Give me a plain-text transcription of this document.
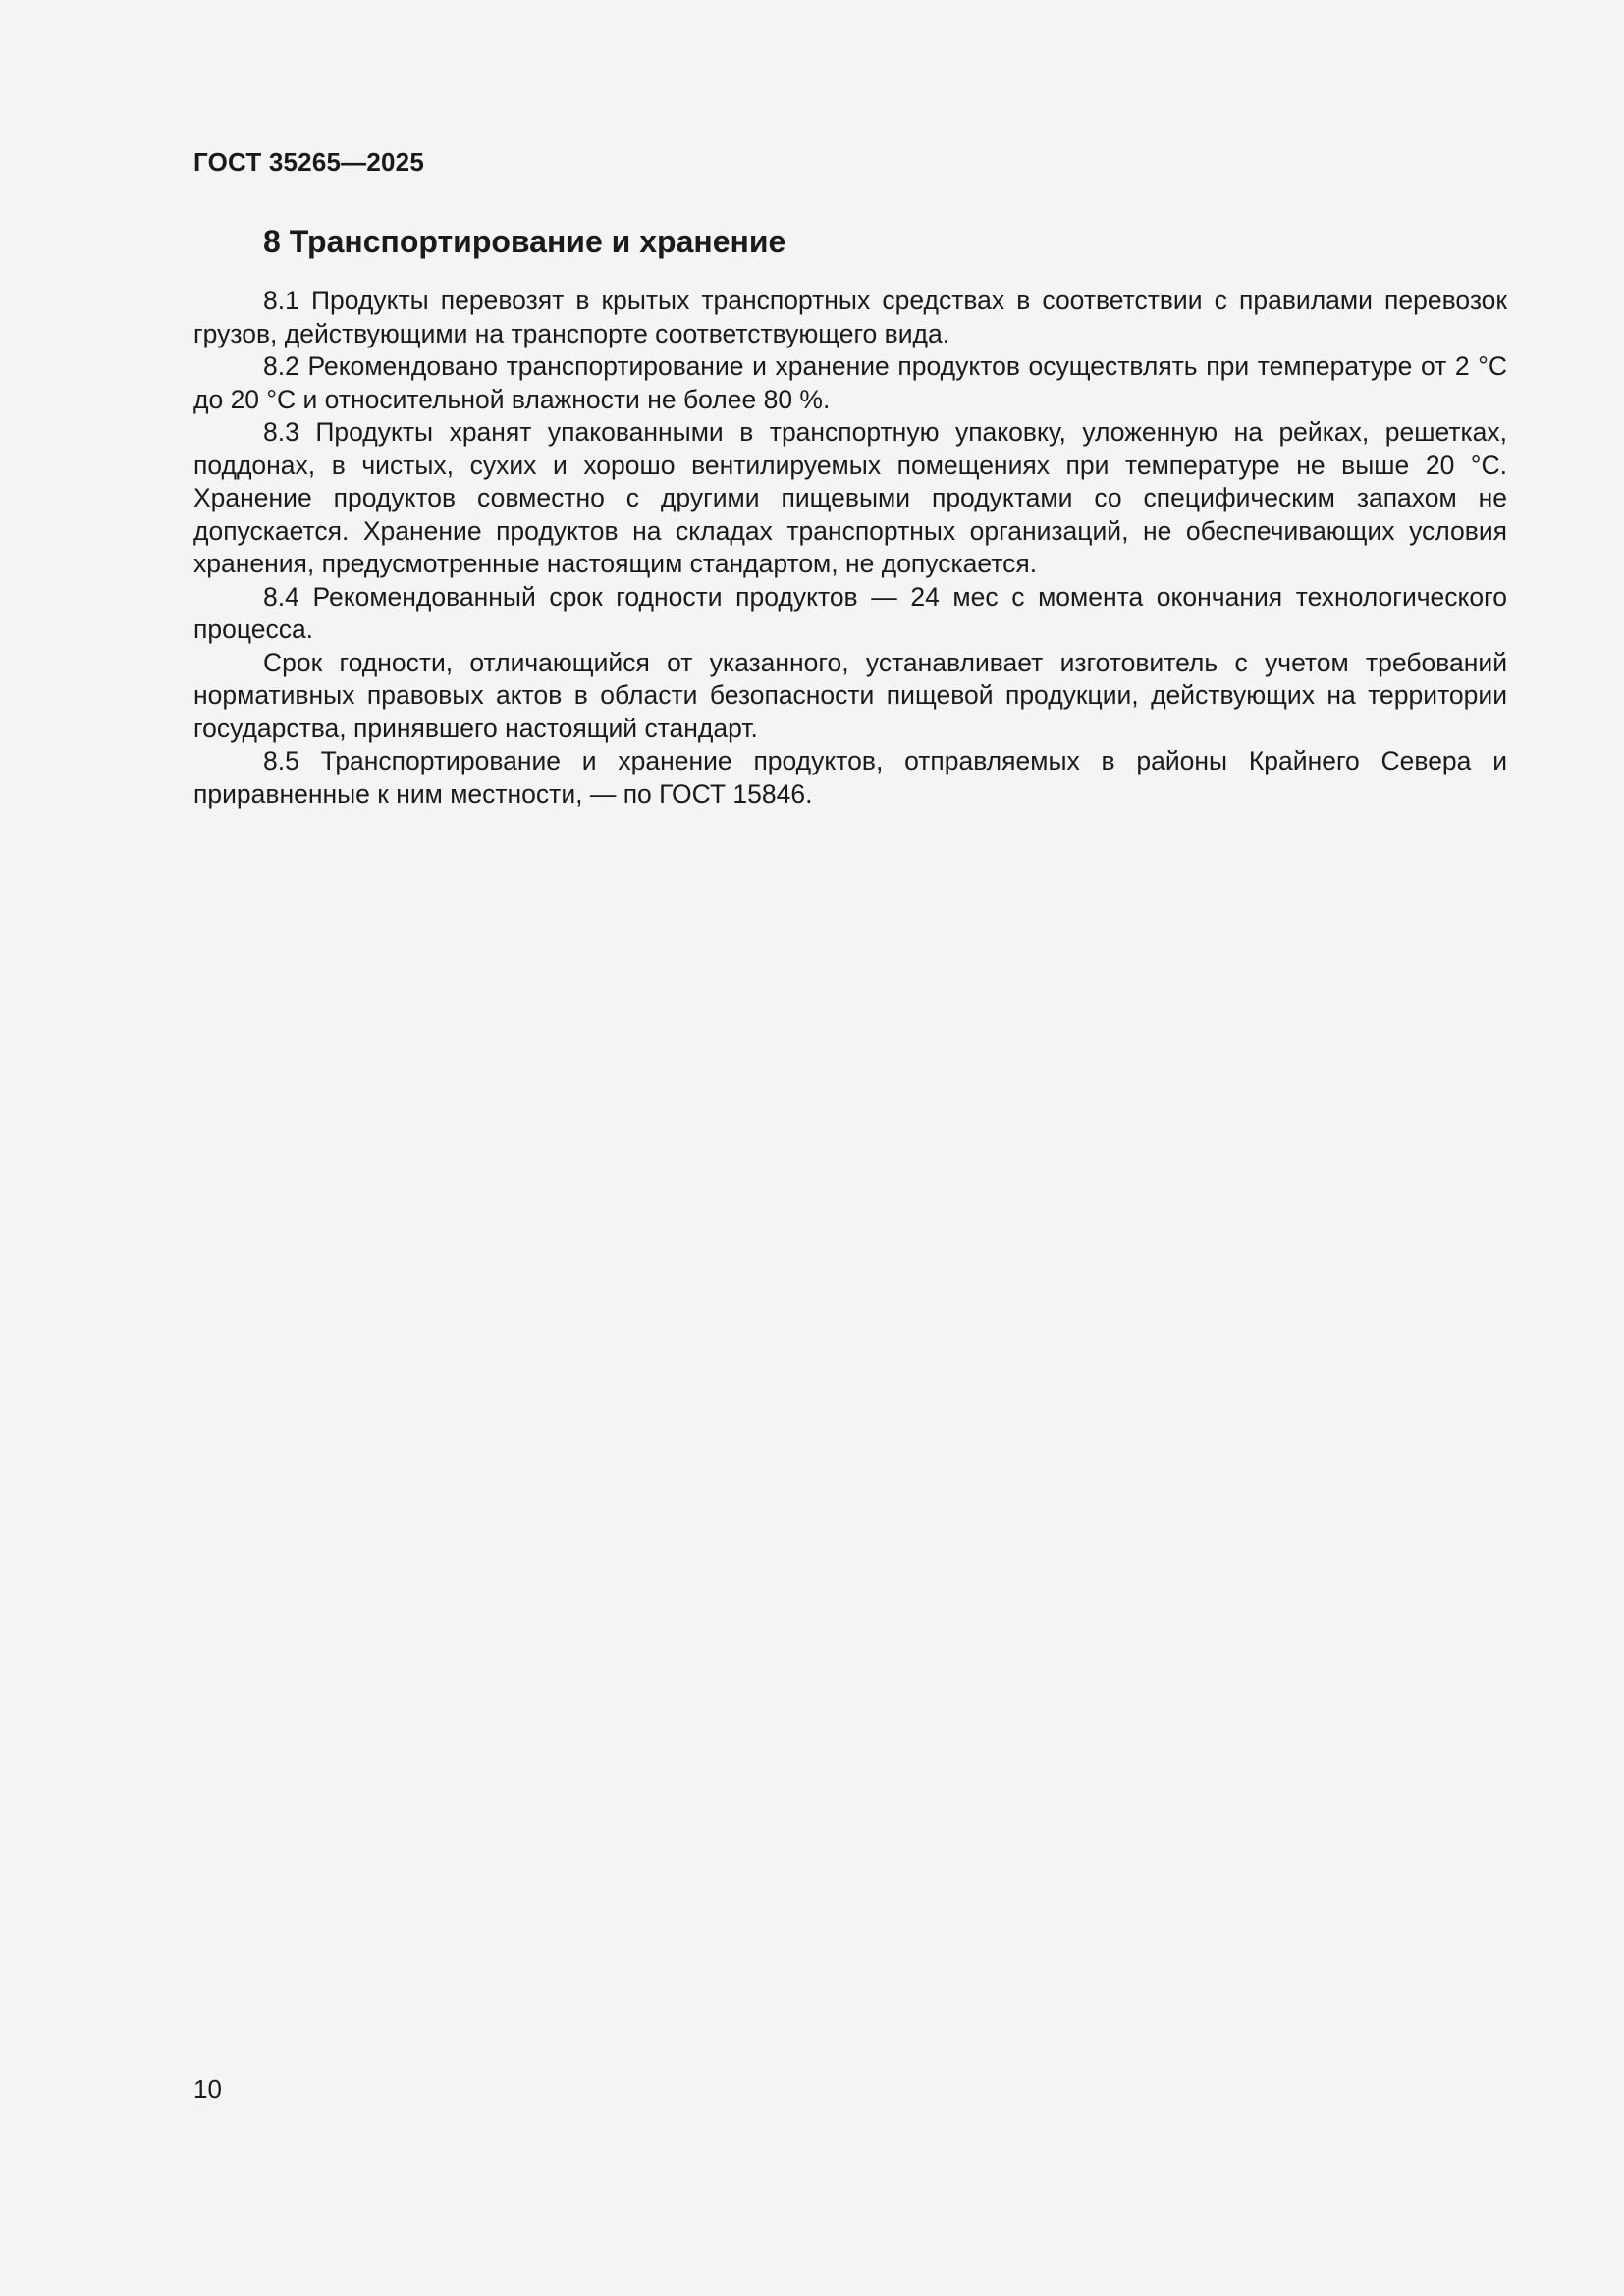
ГОСТ 35265—2025
8 Транспортирование и хранение

8.1 Продукты перевозят в крытых транспортных средствах в соответствии с правилами перевозок грузов, действующими на транспорте соответствующего вида.

8.2 Рекомендовано транспортирование и хранение продуктов осуществлять при температуре от 2 °С до 20 °С и относительной влажности не более 80 %.

8.3 Продукты хранят упакованными в транспортную упаковку, уложенную на рейках, решетках, поддонах, в чистых, сухих и хорошо вентилируемых помещениях при температуре не выше 20 °С. Хранение продуктов совместно с другими пищевыми продуктами со специфическим запахом не допускается. Хранение продуктов на складах транспортных организаций, не обеспечивающих условия хранения, предусмотренные настоящим стандартом, не допускается.

8.4 Рекомендованный срок годности продуктов — 24 мес с момента окончания технологического процесса.

Срок годности, отличающийся от указанного, устанавливает изготовитель с учетом требований нормативных правовых актов в области безопасности пищевой продукции, действующих на территории государства, принявшего настоящий стандарт.

8.5 Транспортирование и хранение продуктов, отправляемых в районы Крайнего Севера и приравненные к ним местности, — по ГОСТ 15846.

10
